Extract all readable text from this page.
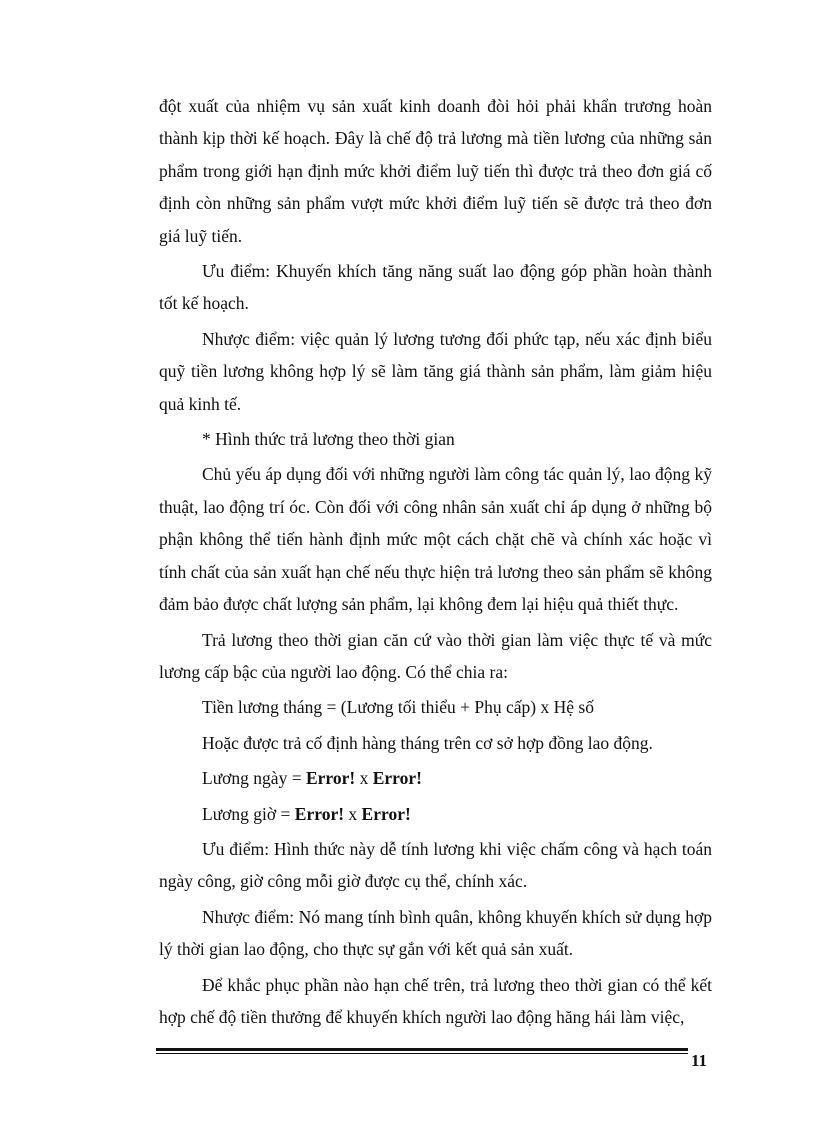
đột xuất của nhiệm vụ sản xuất kinh doanh đòi hỏi phải khẩn trương hoàn thành kịp thời kế hoạch. Đây là chế độ trả lương mà tiền lương của những sản phẩm trong giới hạn định mức khởi điểm luỹ tiến thì được trả theo đơn giá cố định còn những sản phẩm vượt mức khởi điểm luỹ tiến sẽ được trả theo đơn giá luỹ tiến.

Ưu điểm: Khuyến khích tăng năng suất lao động góp phần hoàn thành tốt kế hoạch.

Nhược điểm: việc quản lý lương tương đối phức tạp, nếu xác định biểu quỹ tiền lương không hợp lý sẽ làm tăng giá thành sản phẩm, làm giảm hiệu quả kinh tế.

* Hình thức trả lương theo thời gian

Chủ yếu áp dụng đối với những người làm công tác quản lý, lao động kỹ thuật, lao động trí óc. Còn đối với công nhân sản xuất chỉ áp dụng ở những bộ phận không thể tiến hành định mức một cách chặt chẽ và chính xác hoặc vì tính chất của sản xuất hạn chế nếu thực hiện trả lương theo sản phẩm sẽ không đảm bảo được chất lượng sản phẩm, lại không đem lại hiệu quả thiết thực.

Trả lương theo thời gian căn cứ vào thời gian làm việc thực tế và mức lương cấp bậc của người lao động. Có thể chia ra:

Tiền lương tháng = (Lương tối thiểu + Phụ cấp) x Hệ số

Hoặc được trả cố định hàng tháng trên cơ sở hợp đồng lao động.

Lương ngày = Error! x Error!

Lương giờ = Error! x Error!

Ưu điểm: Hình thức này dễ tính lương khi việc chấm công và hạch toán ngày công, giờ công mỗi giờ được cụ thể, chính xác.

Nhược điểm: Nó mang tính bình quân, không khuyến khích sử dụng hợp lý thời gian lao động, cho thực sự gắn với kết quả sản xuất.

Để khắc phục phần nào hạn chế trên, trả lương theo thời gian có thể kết hợp chế độ tiền thưởng để khuyến khích người lao động hăng hái làm việc,

11
